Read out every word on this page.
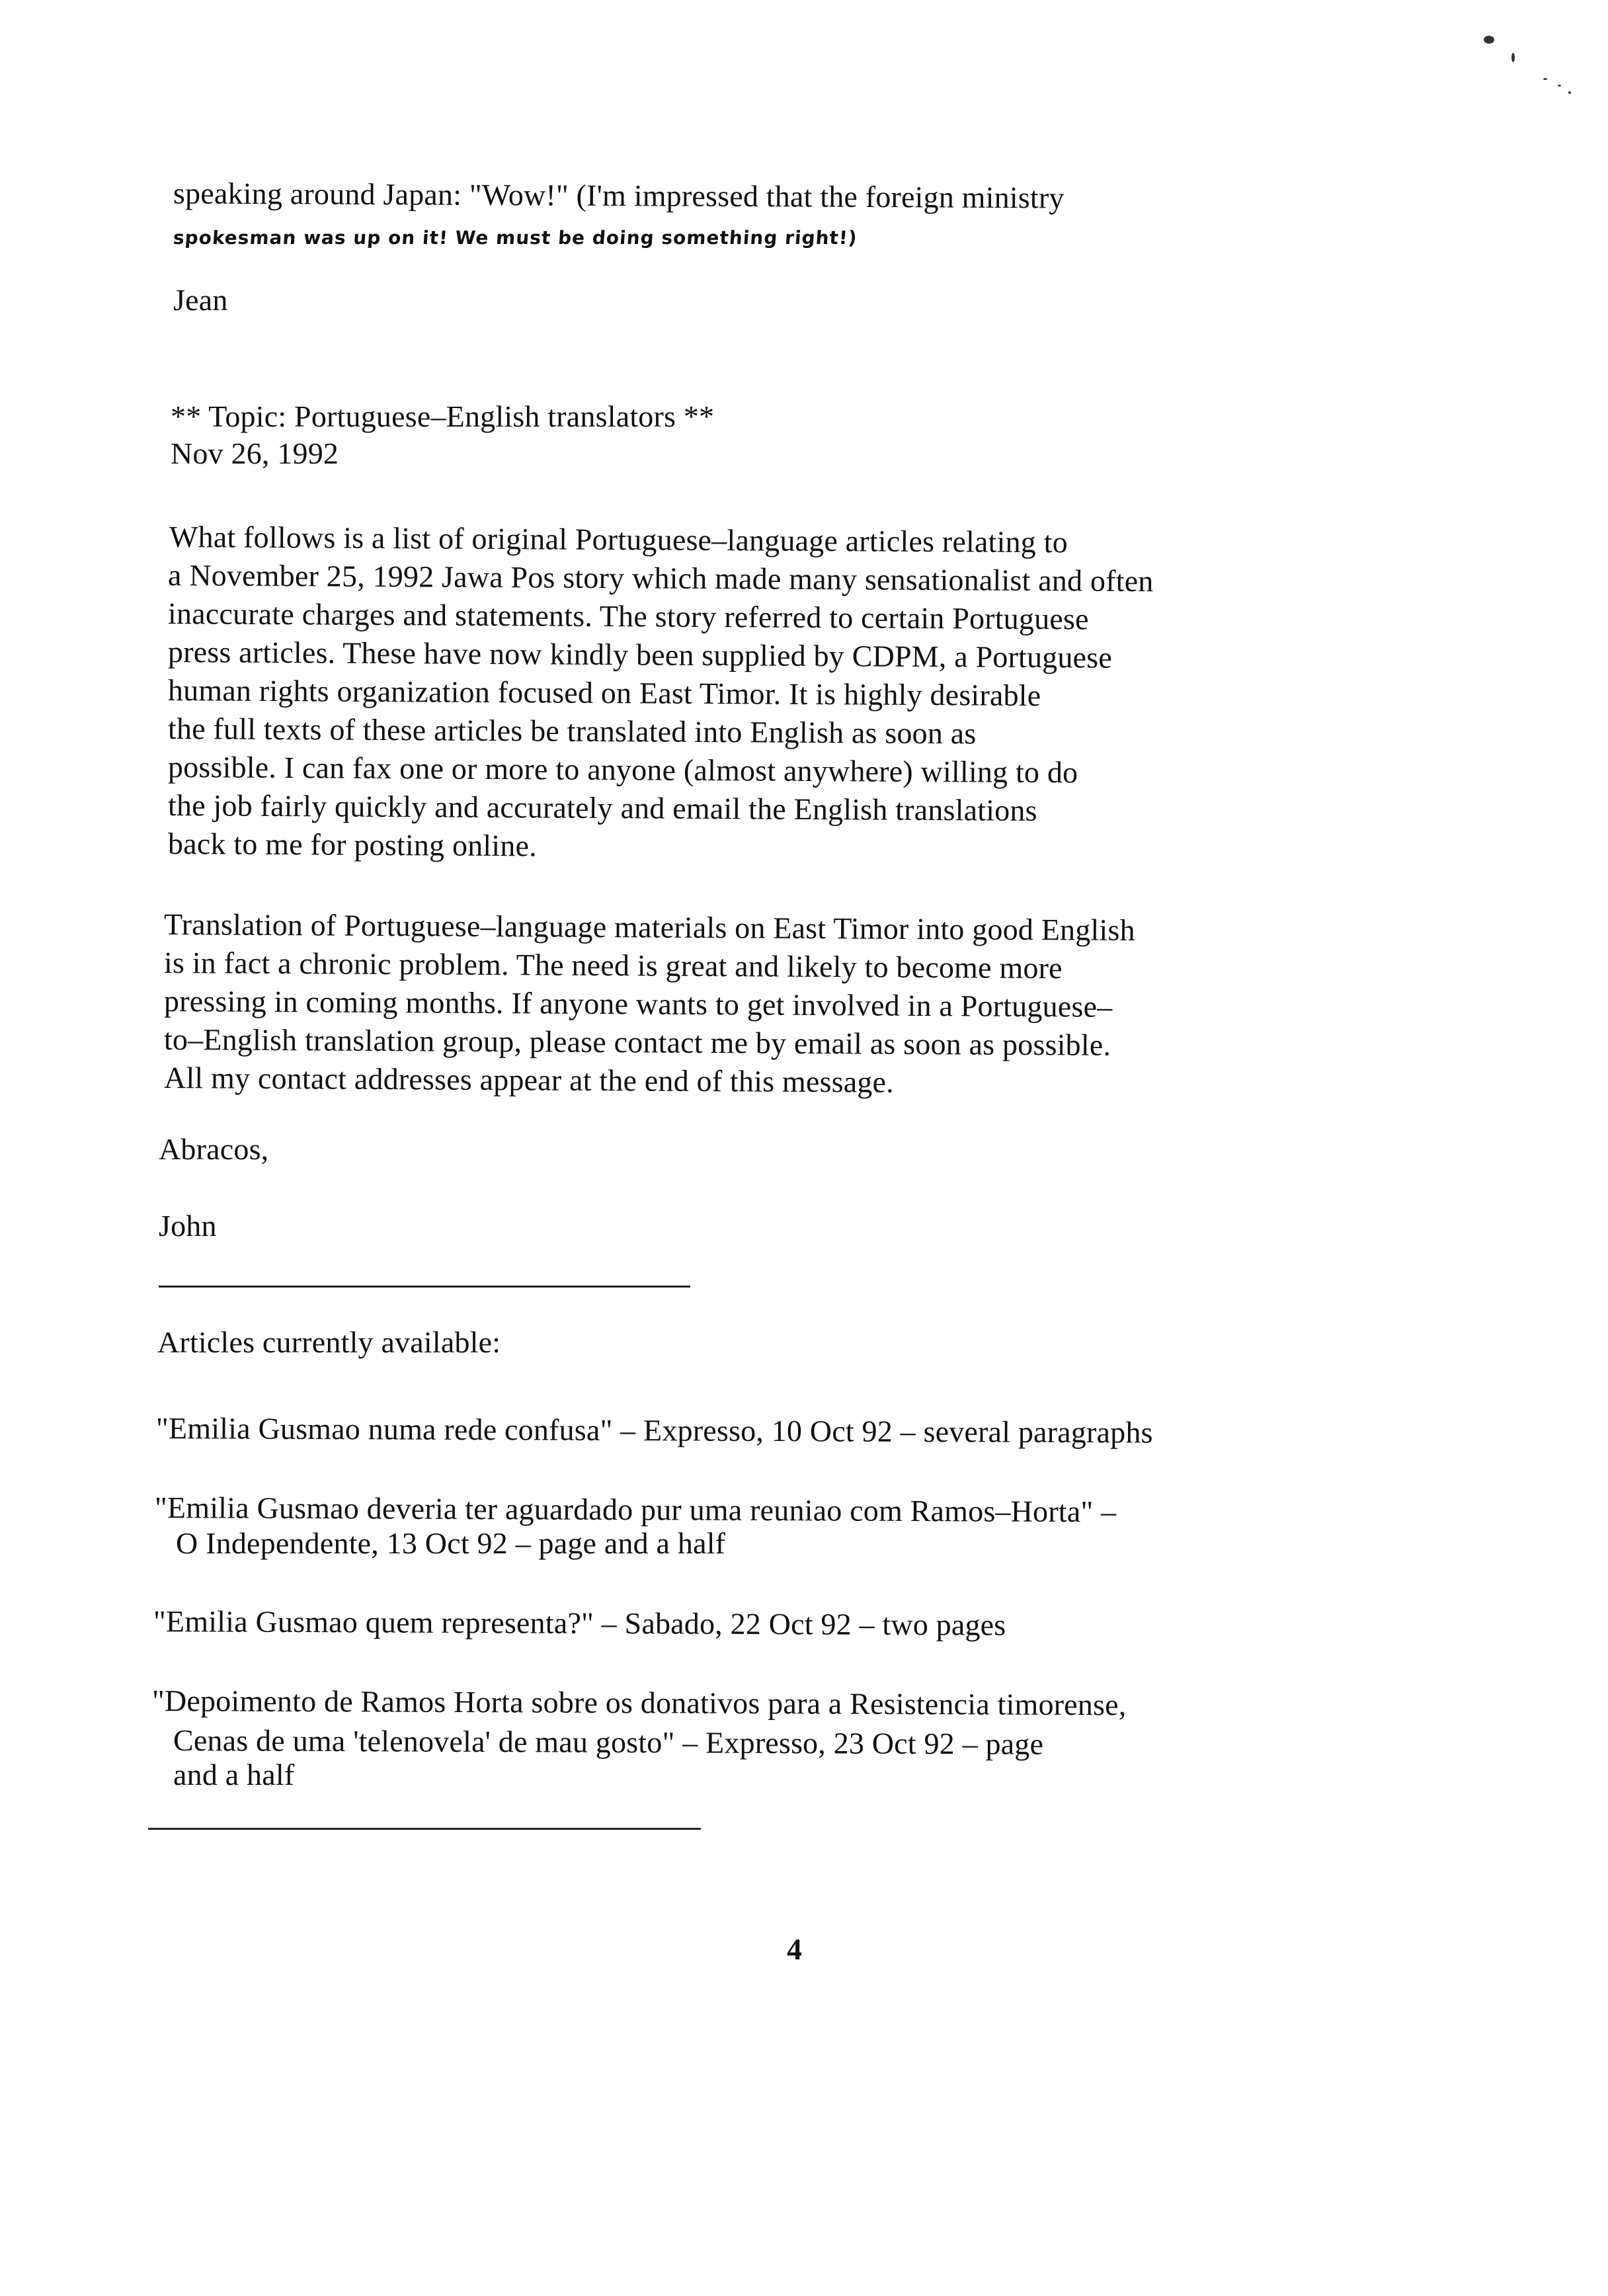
speaking around Japan: "Wow!" (I'm impressed that the foreign ministry
spokesman was up on it! We must be doing something right!)
Jean
** Topic: Portuguese–English translators **
Nov 26, 1992
What follows is a list of original Portuguese–language articles relating to
a November 25, 1992 Jawa Pos story which made many sensationalist and often
inaccurate charges and statements. The story referred to certain Portuguese
press articles. These have now kindly been supplied by CDPM, a Portuguese
human rights organization focused on East Timor. It is highly desirable
the full texts of these articles be translated into English as soon as
possible. I can fax one or more to anyone (almost anywhere) willing to do
the job fairly quickly and accurately and email the English translations
back to me for posting online.
Translation of Portuguese–language materials on East Timor into good English
is in fact a chronic problem. The need is great and likely to become more
pressing in coming months. If anyone wants to get involved in a Portuguese–
to–English translation group, please contact me by email as soon as possible.
All my contact addresses appear at the end of this message.
Abracos,
John
Articles currently available:
"Emilia Gusmao numa rede confusa" – Expresso, 10 Oct 92 – several paragraphs
"Emilia Gusmao deveria ter aguardado pur uma reuniao com Ramos–Horta" –
O Independente, 13 Oct 92 – page and a half
"Emilia Gusmao quem representa?" – Sabado, 22 Oct 92 – two pages
"Depoimento de Ramos Horta sobre os donativos para a Resistencia timorense,
Cenas de uma 'telenovela' de mau gosto" – Expresso, 23 Oct 92 – page
and a half
4
